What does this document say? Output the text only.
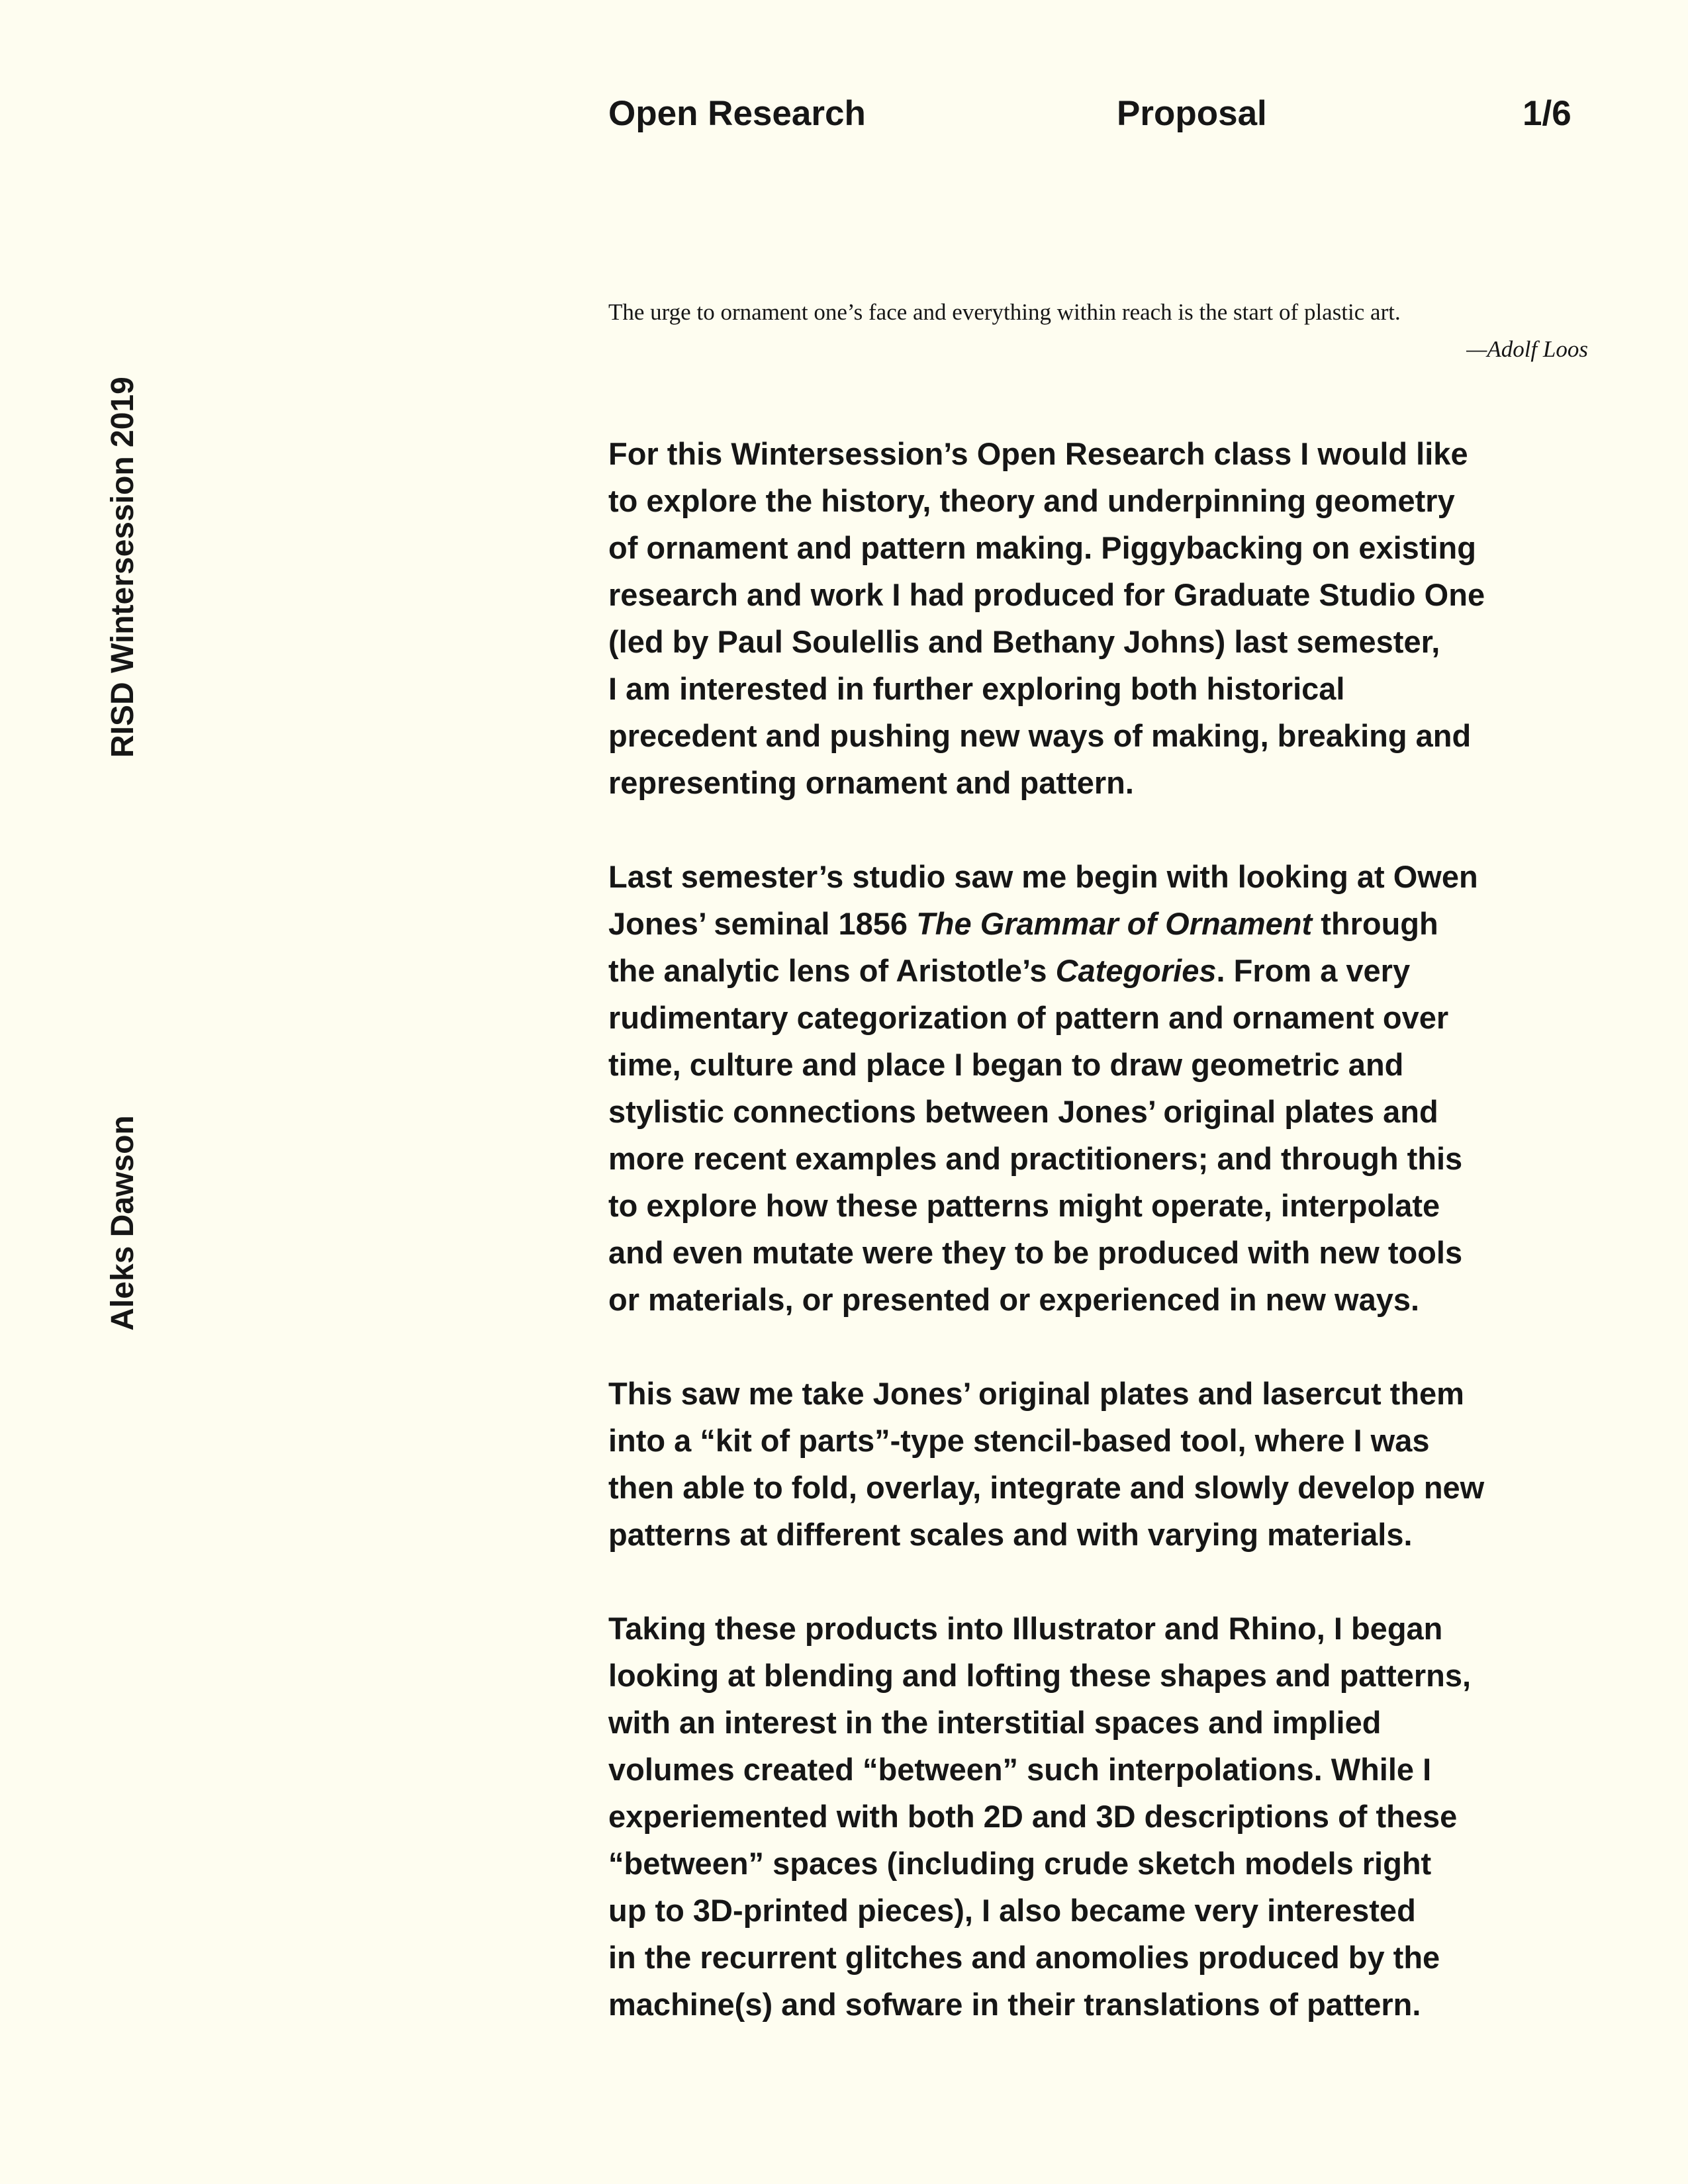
Open Research	Proposal	1/6
RISD Wintersession 2019
Aleks Dawson
The urge to ornament one’s face and everything within reach is the start of plastic art.
—Adolf Loos

For this Wintersession’s Open Research class I would like
to explore the history, theory and underpinning geometry
of ornament and pattern making. Piggybacking on existing
research and work I had produced for Graduate Studio One
(led by Paul Soulellis and Bethany Johns) last semester,
I am interested in further exploring both historical
precedent and pushing new ways of making, breaking and
representing ornament and pattern.

Last semester’s studio saw me begin with looking at Owen
Jones’ seminal 1856 The Grammar of Ornament through
the analytic lens of Aristotle’s Categories. From a very
rudimentary categorization of pattern and ornament over
time, culture and place I began to draw geometric and
stylistic connections between Jones’ original plates and
more recent examples and practitioners; and through this
to explore how these patterns might operate, interpolate
and even mutate were they to be produced with new tools
or materials, or presented or experienced in new ways.

This saw me take Jones’ original plates and lasercut them
into a “kit of parts”-type stencil-based tool, where I was
then able to fold, overlay, integrate and slowly develop new
patterns at different scales and with varying materials.

Taking these products into Illustrator and Rhino, I began
looking at blending and lofting these shapes and patterns,
with an interest in the interstitial spaces and implied
volumes created “between” such interpolations. While I
experiemented with both 2D and 3D descriptions of these
“between” spaces (including crude sketch models right
up to 3D-printed pieces), I also became very interested
in the recurrent glitches and anomolies produced by the
machine(s) and sofware in their translations of pattern.
